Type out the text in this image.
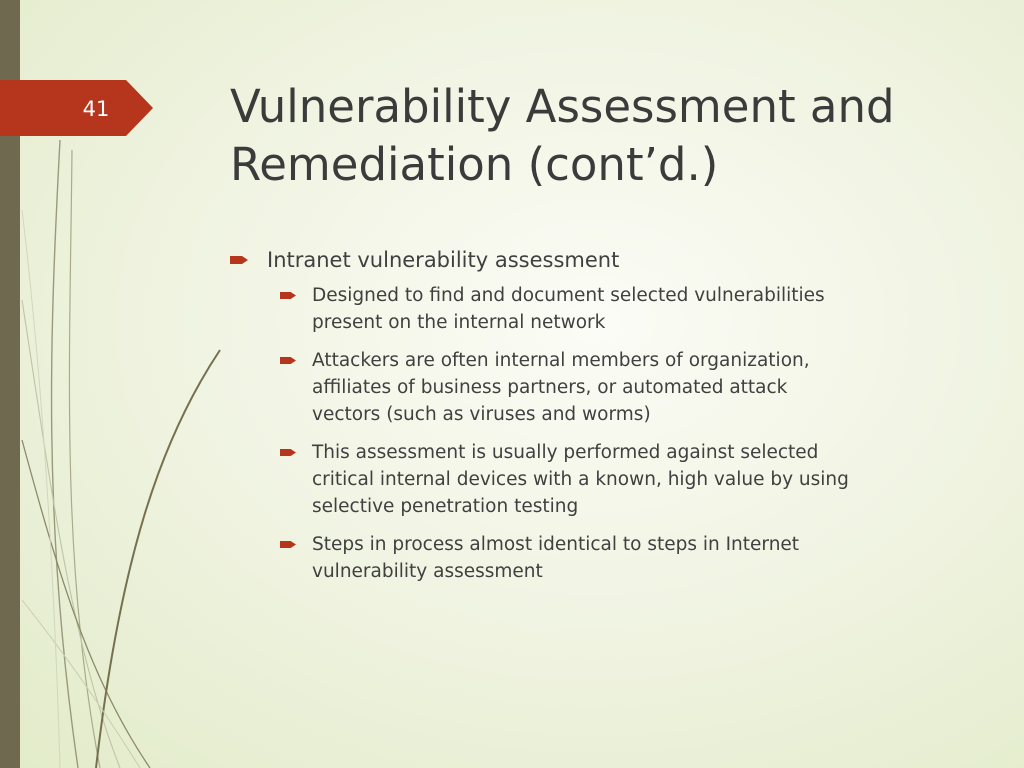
41	Vulnerability Assessment and
Remediation (cont’d.)
Intranet vulnerability assessment
Designed to find and document selected vulnerabilities
present on the internal network
Attackers are often internal members of organization,
affiliates of business partners, or automated attack
vectors (such as viruses and worms)
This assessment is usually performed against selected
critical internal devices with a known, high value by using
selective penetration testing
Steps in process almost identical to steps in Internet
vulnerability assessment
